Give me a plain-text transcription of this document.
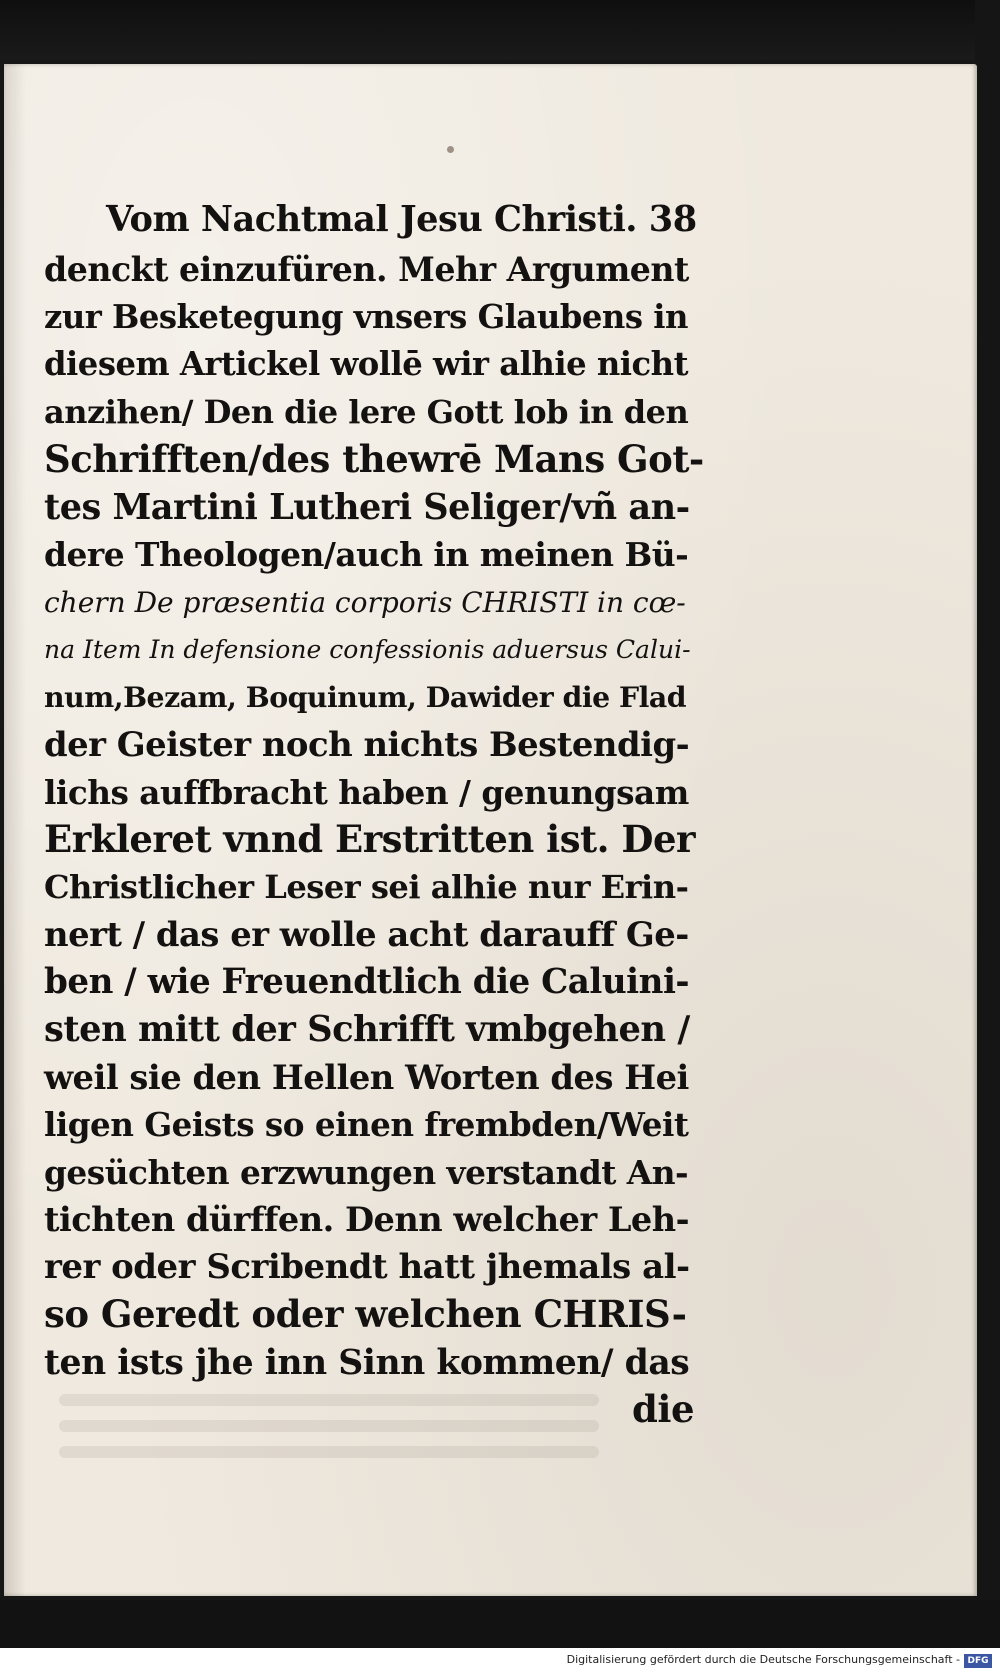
Vom Nachtmal Jesu Christi. 38
denckt einzufüren. Mehr Argument
zur Besketegung vnsers Glaubens in
diesem Artickel wollē wir alhie nicht
anzihen/ Den die lere Gott lob in den
Schrifften/des thewrē Mans Got-
tes Martini Lutheri Seliger/vñ an-
dere Theologen/auch in meinen Bü-
chern De præsentia corporis CHRISTI in cœ-
na Item In defensione confessionis aduersus Calui-
num,Bezam, Boquinum, Dawider die Flad
der Geister noch nichts Bestendig-
lichs auffbracht haben / genungsam
Erkleret vnnd Erstritten ist. Der
Christlicher Leser sei alhie nur Erin-
nert / das er wolle acht darauff Ge-
ben / wie Freuendtlich die Caluini-
sten mitt der Schrifft vmbgehen /
weil sie den Hellen Worten des Hei
ligen Geists so einen frembden/Weit
gesüchten erzwungen verstandt An-
tichten dürffen. Denn welcher Leh-
rer oder Scribendt hatt jhemals al-
so Geredt oder welchen CHRIS-
ten ists jhe inn Sinn kommen/ das
die
Digitalisierung gefördert durch die Deutsche Forschungsgemeinschaft - DFG
